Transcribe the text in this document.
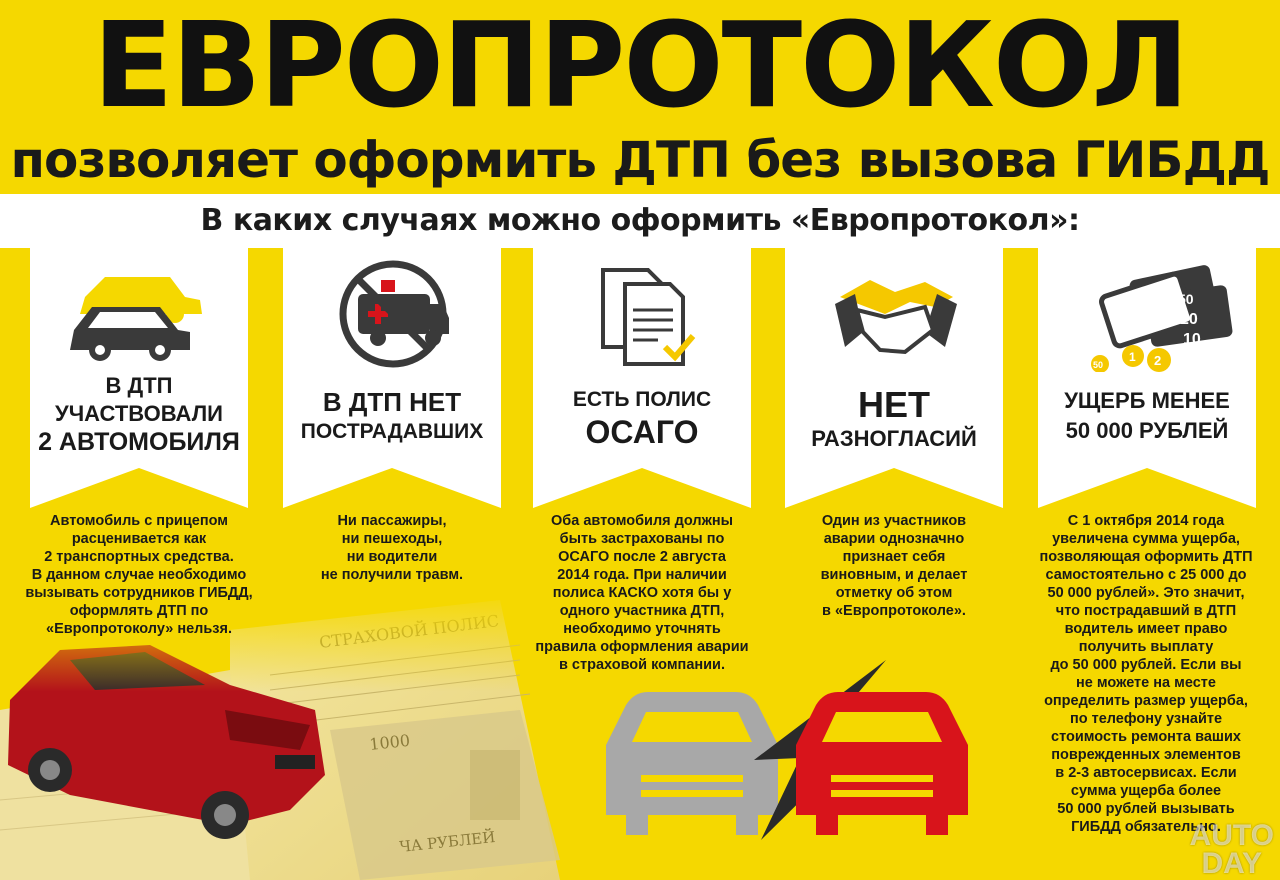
ЕВРОПРОТОКОЛ
позволяет оформить ДТП без вызова ГИБДД
В каких случаях можно оформить «Европротокол»:
В ДТП
УЧАСТВОВАЛИ
2 АВТОМОБИЛЯ
В ДТП НЕТ
ПОСТРАДАВШИХ
ЕСТЬ ПОЛИС
ОСАГО
НЕТ
РАЗНОГЛАСИЙ
50
20
10
50
1 2
УЩЕРБ МЕНЕЕ
50 000 РУБЛЕЙ
Автомобиль с прицепом
расценивается как
2 транспортных средства.
В данном случае необходимо
вызывать сотрудников ГИБДД,
оформлять ДТП по
«Европротоколу» нельзя.
Ни пассажиры,
ни пешеходы,
ни водители
не получили травм.
Оба автомобиля должны
быть застрахованы по
ОСАГО после 2 августа
2014 года. При наличии
полиса КАСКО хотя бы у
одного участника ДТП,
необходимо уточнять
правила оформления аварии
в страховой компании.
Один из участников
аварии однозначно
признает себя
виновным, и делает
отметку об этом
в «Европротоколе».
С 1 октября 2014 года
увеличена сумма ущерба,
позволяющая оформить ДТП
самостоятельно с 25 000 до
50 000 рублей». Это значит,
что пострадавший в ДТП
водитель имеет право
получить выплату
до 50 000 рублей. Если вы
не можете на месте
определить размер ущерба,
по телефону узнайте
стоимость ремонта ваших
поврежденных элементов
в 2-3 автосервисах. Если
сумма ущерба более
50 000 рублей вызывать
ГИБДД обязательно.
AUTO
DAY
